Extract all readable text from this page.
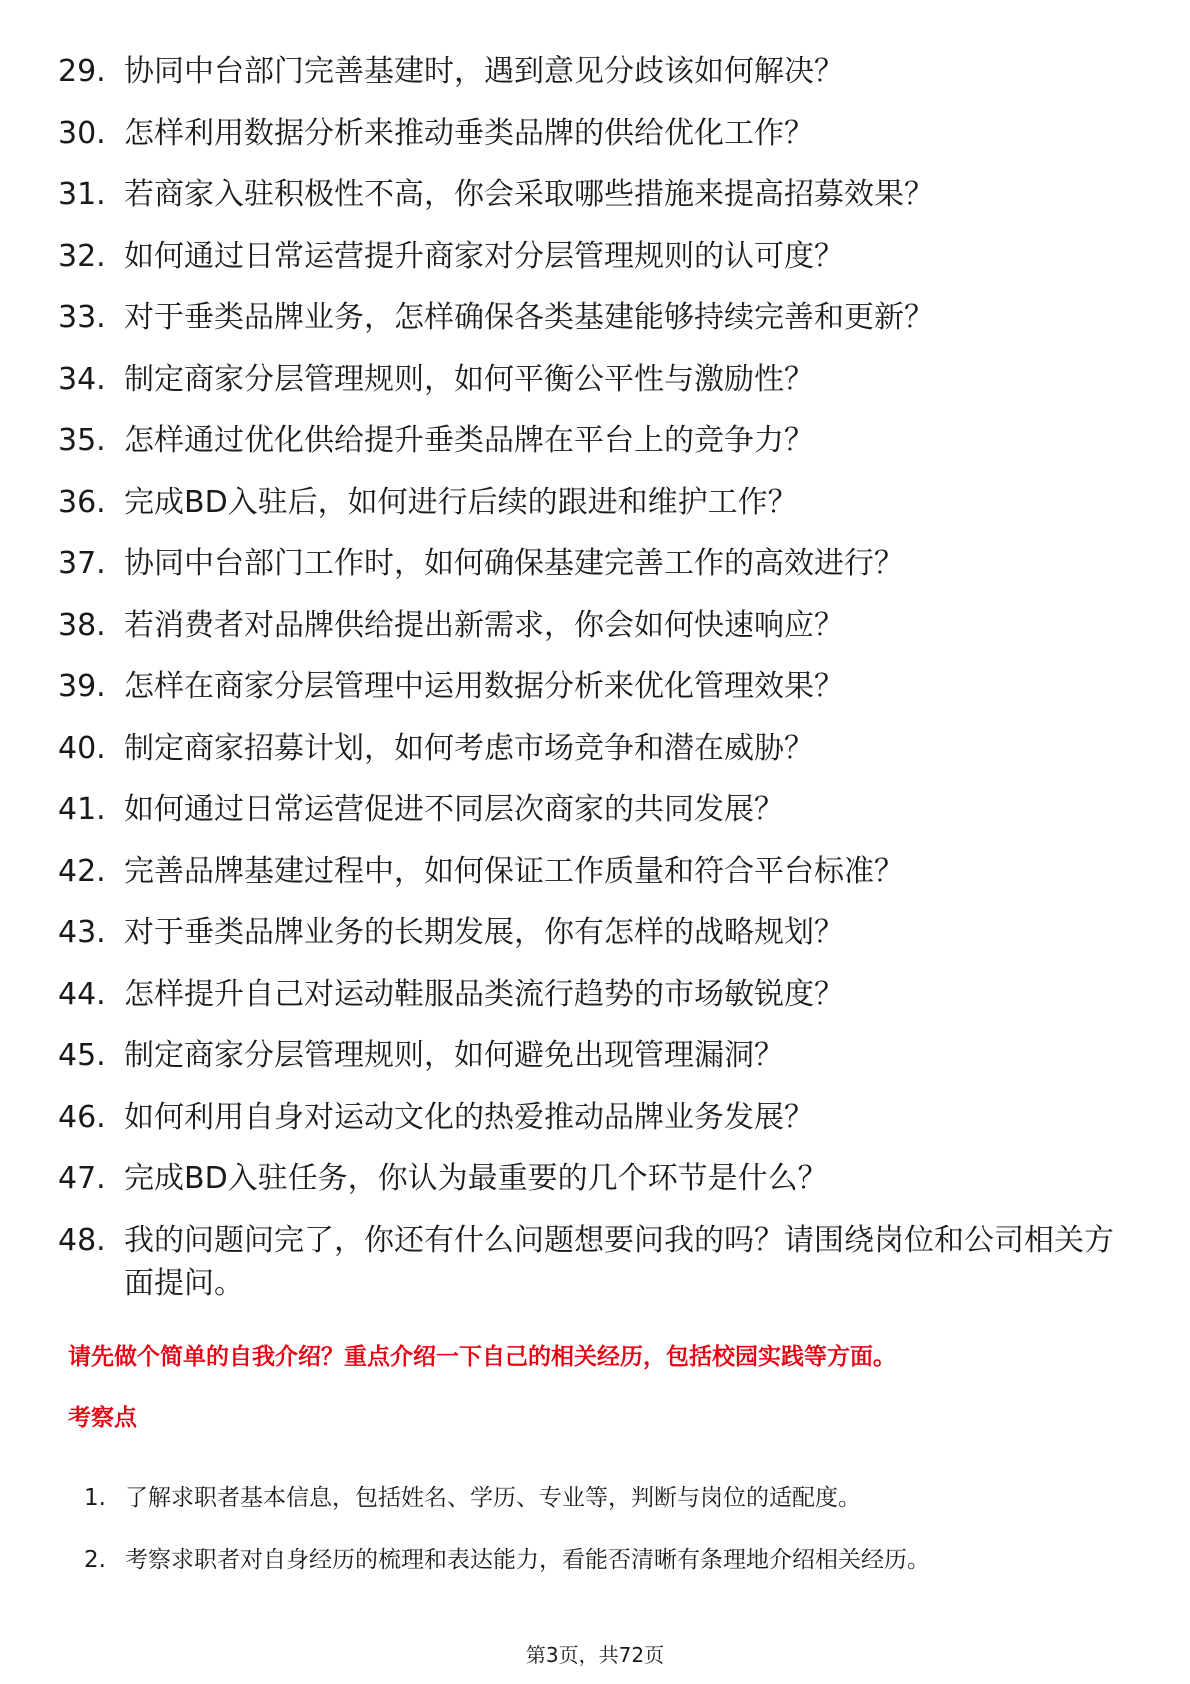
29. 协同中台部门完善基建时，遇到意见分歧该如何解决？
30. 怎样利用数据分析来推动垂类品牌的供给优化工作？
31. 若商家入驻积极性不高，你会采取哪些措施来提高招募效果？
32. 如何通过日常运营提升商家对分层管理规则的认可度？
33. 对于垂类品牌业务，怎样确保各类基建能够持续完善和更新？
34. 制定商家分层管理规则，如何平衡公平性与激励性？
35. 怎样通过优化供给提升垂类品牌在平台上的竞争力？
36. 完成BD入驻后，如何进行后续的跟进和维护工作？
37. 协同中台部门工作时，如何确保基建完善工作的高效进行？
38. 若消费者对品牌供给提出新需求，你会如何快速响应？
39. 怎样在商家分层管理中运用数据分析来优化管理效果？
40. 制定商家招募计划，如何考虑市场竞争和潜在威胁？
41. 如何通过日常运营促进不同层次商家的共同发展？
42. 完善品牌基建过程中，如何保证工作质量和符合平台标准？
43. 对于垂类品牌业务的长期发展，你有怎样的战略规划？
44. 怎样提升自己对运动鞋服品类流行趋势的市场敏锐度？
45. 制定商家分层管理规则，如何避免出现管理漏洞？
46. 如何利用自身对运动文化的热爱推动品牌业务发展？
47. 完成BD入驻任务，你认为最重要的几个环节是什么？
48. 我的问题问完了，你还有什么问题想要问我的吗？请围绕岗位和公司相关方面提问。
请先做个简单的自我介绍？重点介绍一下自己的相关经历，包括校园实践等方面。
考察点
1. 了解求职者基本信息，包括姓名、学历、专业等，判断与岗位的适配度。
2. 考察求职者对自身经历的梳理和表达能力，看能否清晰有条理地介绍相关经历。
第3页，共72页
